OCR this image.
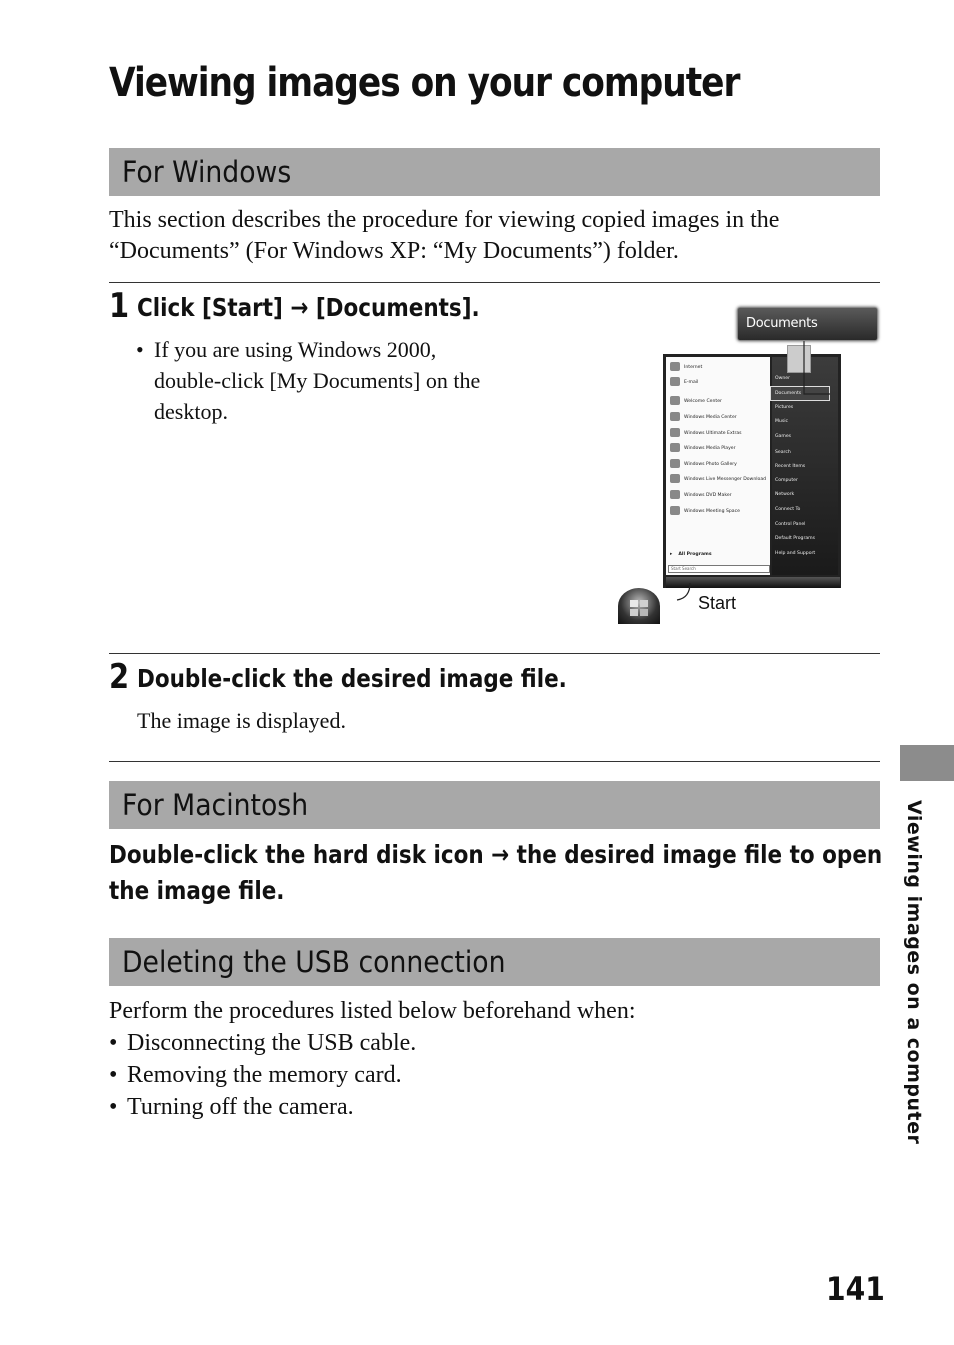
Viewing images on your computer
For Windows
This section describes the procedure for viewing copied images in the
“Documents” (For Windows XP: “My Documents”) folder.
1 Click [Start] → [Documents].
• If you are using Windows 2000,
double-click [My Documents] on the
desktop.
Internet
E-mail
Welcome Center
Windows Media Center
Windows Ultimate Extras
Windows Media Player
Windows Photo Gallery
Windows Live Messenger Download
Windows DVD Maker
Windows Meeting Space
▸ All Programs
Start Search
Owner
Documents
Pictures
Music
Games
Search
Recent Items
Computer
Network
Connect To
Control Panel
Default Programs
Help and Support
Documents
Start
2 Double-click the desired image file.
The image is displayed.
For Macintosh
Double-click the hard disk icon → the desired image file to open
the image file.
Deleting the USB connection
Perform the procedures listed below beforehand when:
• Disconnecting the USB cable.
• Removing the memory card.
• Turning off the camera.	Viewing images on a computer
141
